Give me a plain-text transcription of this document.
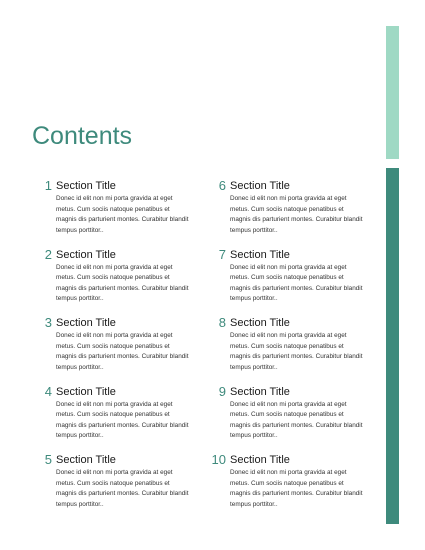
Contents
1 Section Title
Donec id elit non mi porta gravida at eget metus. Cum sociis natoque penatibus et magnis dis parturient montes. Curabitur blandit tempus porttitor..
2 Section Title
Donec id elit non mi porta gravida at eget metus. Cum sociis natoque penatibus et magnis dis parturient montes. Curabitur blandit tempus porttitor..
3 Section Title
Donec id elit non mi porta gravida at eget metus. Cum sociis natoque penatibus et magnis dis parturient montes. Curabitur blandit tempus porttitor..
4 Section Title
Donec id elit non mi porta gravida at eget metus. Cum sociis natoque penatibus et magnis dis parturient montes. Curabitur blandit tempus porttitor..
5 Section Title
Donec id elit non mi porta gravida at eget metus. Cum sociis natoque penatibus et magnis dis parturient montes. Curabitur blandit tempus porttitor..
6 Section Title
Donec id elit non mi porta gravida at eget metus. Cum sociis natoque penatibus et magnis dis parturient montes. Curabitur blandit tempus porttitor..
7 Section Title
Donec id elit non mi porta gravida at eget metus. Cum sociis natoque penatibus et magnis dis parturient montes. Curabitur blandit tempus porttitor..
8 Section Title
Donec id elit non mi porta gravida at eget metus. Cum sociis natoque penatibus et magnis dis parturient montes. Curabitur blandit tempus porttitor..
9 Section Title
Donec id elit non mi porta gravida at eget metus. Cum sociis natoque penatibus et magnis dis parturient montes. Curabitur blandit tempus porttitor..
10 Section Title
Donec id elit non mi porta gravida at eget metus. Cum sociis natoque penatibus et magnis dis parturient montes. Curabitur blandit tempus porttitor..
